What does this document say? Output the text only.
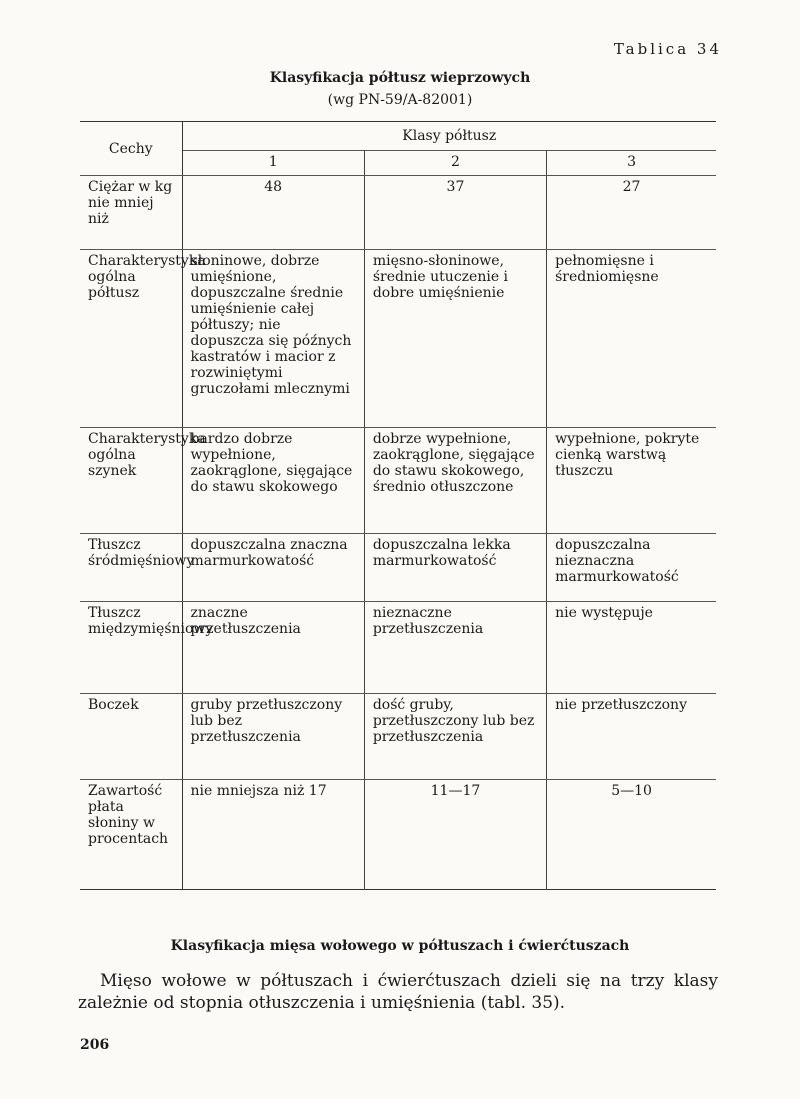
Tablica 34
Klasyfikacja półtusz wieprzowych
(wg PN-59/A-82001)
Cechy	Klasy półtusz		
	1	2	3
Ciężar w kg nie mniej niż	48	37	27
Charakterystyka ogólna półtusz	słoninowe, dobrze umięśnione, dopuszczalne średnie umięśnienie całej półtuszy; nie dopuszcza się późnych kastratów i macior z rozwiniętymi gruczołami mlecznymi	mięsno-słoninowe, średnie utuczenie i dobre umięśnienie	pełnomięsne i średniomięsne
Charakterystyka ogólna szynek	bardzo dobrze wypełnione, zaokrąglone, sięgające do stawu skokowego	dobrze wypełnione, zaokrąglone, sięgające do stawu skokowego, średnio otłuszczone	wypełnione, pokryte cienką warstwą tłuszczu
Tłuszcz śródmięśniowy	dopuszczalna znaczna marmurkowatość	dopuszczalna lekka marmurkowatość	dopuszczalna nieznaczna marmurkowatość
Tłuszcz międzymięśniowy	znaczne przetłuszczenia	nieznaczne przetłuszczenia	nie występuje
Boczek	gruby przetłuszczony lub bez przetłuszczenia	dość gruby, przetłuszczony lub bez przetłuszczenia	nie przetłuszczony
Zawartość płata słoniny w procentach	nie mniejsza niż 17	11—17	5—10
Klasyfikacja mięsa wołowego w półtuszach i ćwierćtuszach
Mięso wołowe w półtuszach i ćwierćtuszach dzieli się na trzy klasy zależnie od stopnia otłuszczenia i umięśnienia (tabl. 35).
206
